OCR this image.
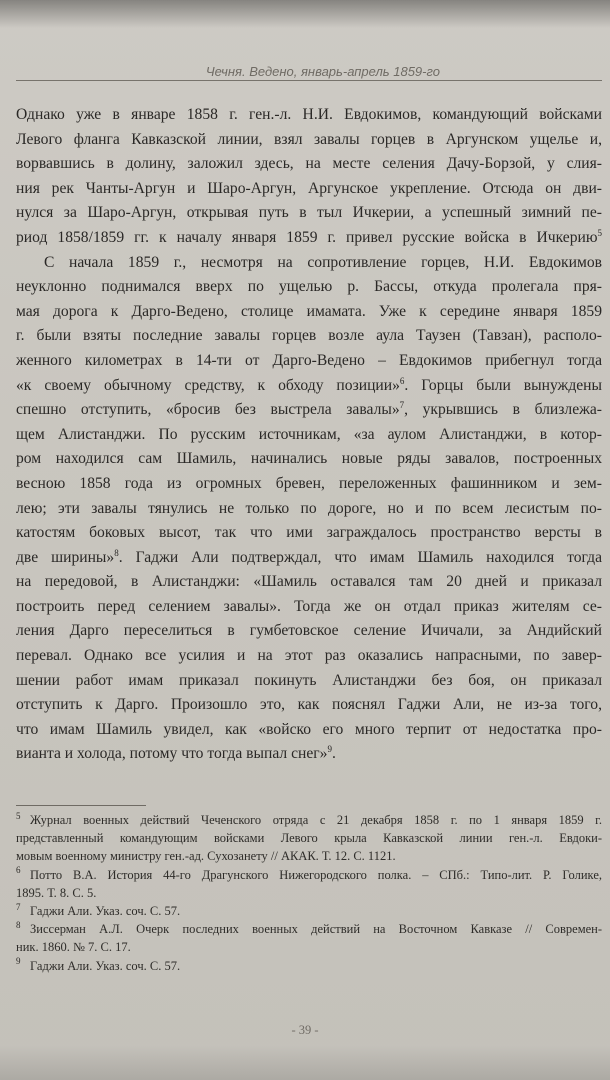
Чечня. Ведено, январь-апрель 1859-го
Однако уже в январе 1858 г. ген.-л. Н.И. Евдокимов, командующий войсками
Левого фланга Кавказской линии, взял завалы горцев в Аргунском ущелье и,
ворвавшись в долину, заложил здесь, на месте селения Дачу-Борзой, у слия-
ния рек Чанты-Аргун и Шаро-Аргун, Аргунское укрепление. Отсюда он дви-
нулся за Шаро-Аргун, открывая путь в тыл Ичкерии, а успешный зимний пе-
риод 1858/1859 гг. к началу января 1859 г. привел русские войска в Ичкерию$^5$
С начала 1859 г., несмотря на сопротивление горцев, Н.И. Евдокимов
неуклонно поднимался вверх по ущелью р. Бассы, откуда пролегала пря-
мая дорога к Дарго-Ведено, столице имамата. Уже к середине января 1859
г. были взяты последние завалы горцев возле аула Таузен (Тавзан), располо-
женного километрах в 14-ти от Дарго-Ведено – Евдокимов прибегнул тогда
«к своему обычному средству, к обходу позиции»$^6$. Горцы были вынуждены
спешно отступить, «бросив без выстрела завалы»$^7$, укрывшись в близлежа-
щем Алистанджи. По русским источникам, «за аулом Алистанджи, в котор-
ром находился сам Шамиль, начинались новые ряды завалов, построенных
весною 1858 года из огромных бревен, переложенных фашинником и зем-
лею; эти завалы тянулись не только по дороге, но и по всем лесистым по-
катостям боковых высот, так что ими заграждалось пространство версты в
две ширины»$^8$. Гаджи Али подтверждал, что имам Шамиль находился тогда
на передовой, в Алистанджи: «Шамиль оставался там 20 дней и приказал
построить перед селением завалы». Тогда же он отдал приказ жителям се-
ления Дарго переселиться в гумбетовское селение Ичичали, за Андийский
перевал. Однако все усилия и на этот раз оказались напрасными, по завер-
шении работ имам приказал покинуть Алистанджи без боя, он приказал
отступить к Дарго. Произошло это, как пояснял Гаджи Али, не из-за того,
что имам Шамиль увидел, как «войско его много терпит от недостатка про-
вианта и холода, потому что тогда выпал снег»$^9$.
5 Журнал военных действий Чеченского отряда с 21 декабря 1858 г. по 1 января 1859 г.
представленный командующим войсками Левого крыла Кавказской линии ген.-л. Евдоки-
мовым военному министру ген.-ад. Сухозанету // АКАК. Т. 12. С. 1121.
6 Потто В.А. История 44-го Драгунского Нижегородского полка. – СПб.: Типо-лит. Р. Голике,
1895. Т. 8. С. 5.
7 Гаджи Али. Указ. соч. С. 57.
8 Зиссерман А.Л. Очерк последних военных действий на Восточном Кавказе // Современ-
ник. 1860. № 7. С. 17.
9 Гаджи Али. Указ. соч. С. 57.
- 39 -
